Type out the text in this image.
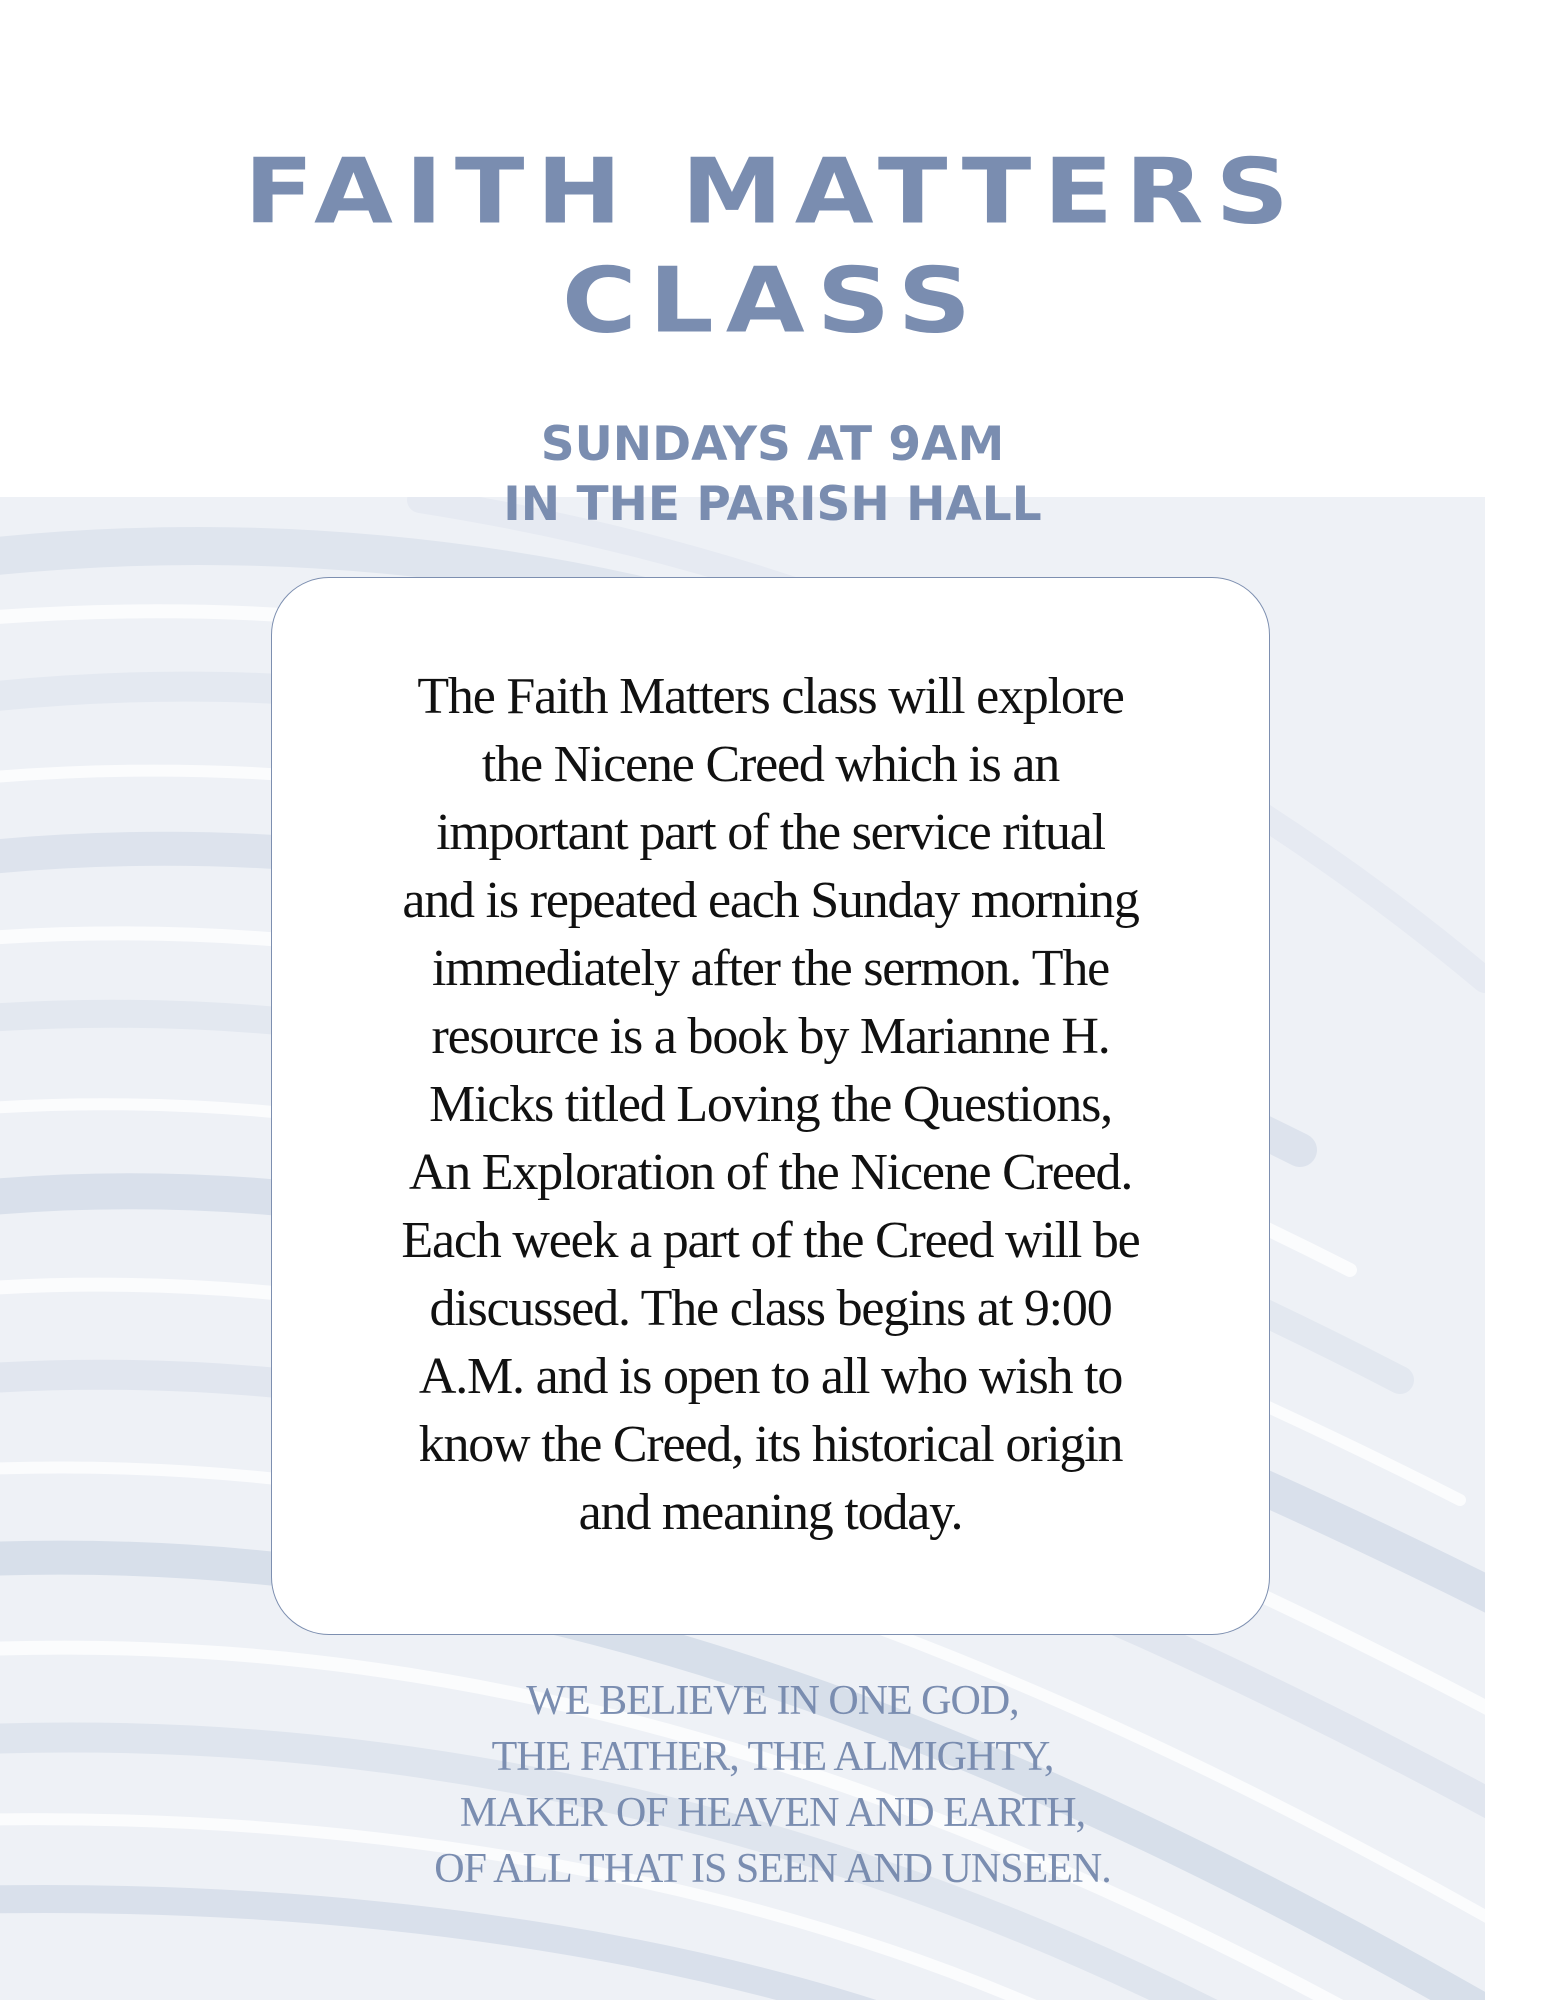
FAITH MATTERS
CLASS
SUNDAYS AT 9AM
IN THE PARISH HALL
The Faith Matters class will explore
the Nicene Creed which is an
important part of the service ritual
and is repeated each Sunday morning
immediately after the sermon. The
resource is a book by Marianne H.
Micks titled Loving the Questions,
An Exploration of the Nicene Creed.
Each week a part of the Creed will be
discussed. The class begins at 9:00
A.M. and is open to all who wish to
know the Creed, its historical origin
and meaning today.
WE BELIEVE IN ONE GOD,
THE FATHER, THE ALMIGHTY,
MAKER OF HEAVEN AND EARTH,
OF ALL THAT IS SEEN AND UNSEEN.
